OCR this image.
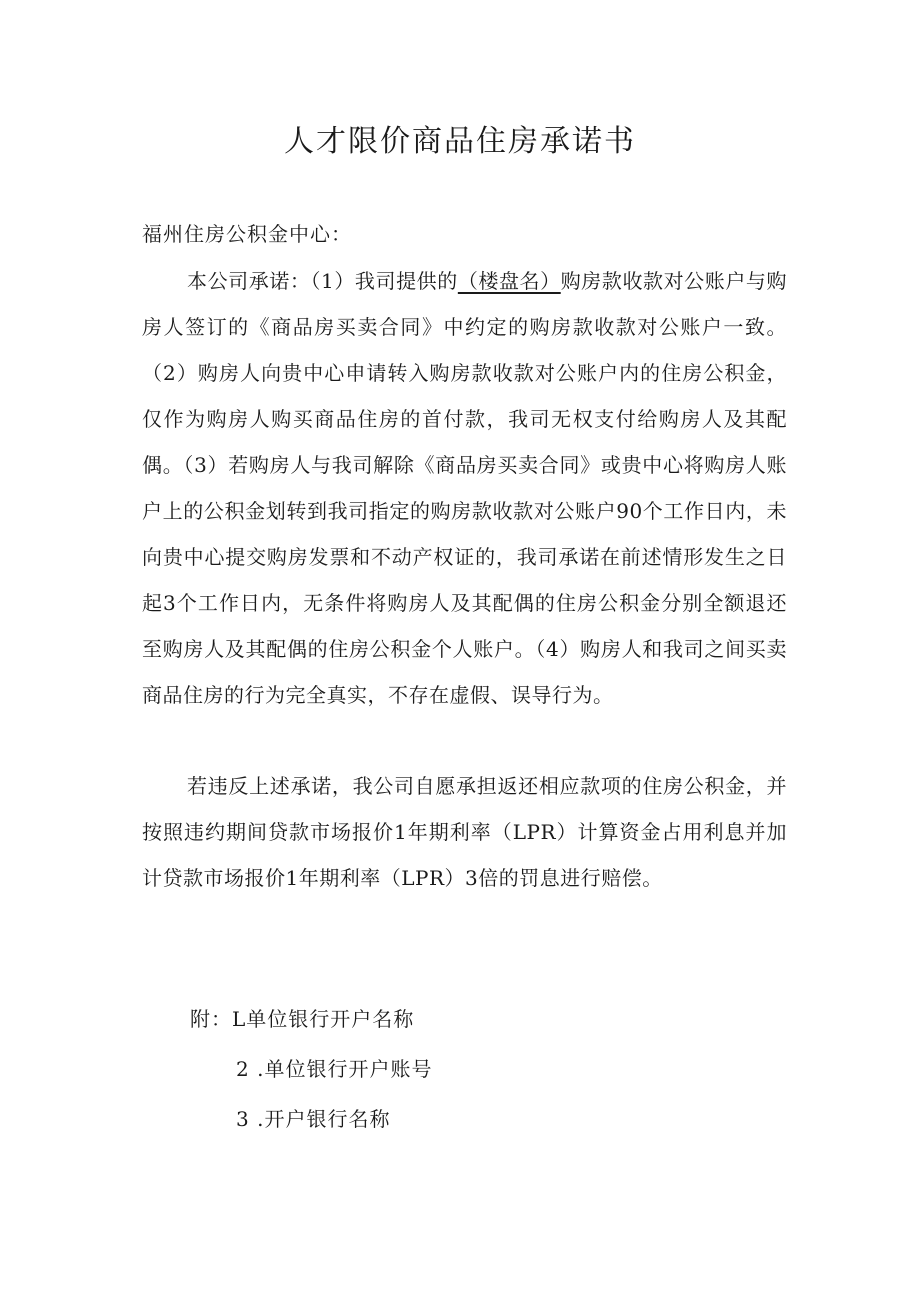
人才限价商品住房承诺书
福州住房公积金中心：

本公司承诺：（1）我司提供的（楼盘名）购房款收款对公账户与购房人签订的《商品房买卖合同》中约定的购房款收款对公账户一致。（2）购房人向贵中心申请转入购房款收款对公账户内的住房公积金，仅作为购房人购买商品住房的首付款，我司无权支付给购房人及其配偶。（3）若购房人与我司解除《商品房买卖合同》或贵中心将购房人账户上的公积金划转到我司指定的购房款收款对公账户90个工作日内，未向贵中心提交购房发票和不动产权证的，我司承诺在前述情形发生之日起3个工作日内，无条件将购房人及其配偶的住房公积金分别全额退还至购房人及其配偶的住房公积金个人账户。（4）购房人和我司之间买卖商品住房的行为完全真实，不存在虚假、误导行为。

若违反上述承诺，我公司自愿承担返还相应款项的住房公积金，并按照违约期间贷款市场报价1年期利率（LPR）计算资金占用利息并加计贷款市场报价1年期利率（LPR）3倍的罚息进行赔偿。

附：L单位银行开户名称
2 .单位银行开户账号
3 .开户银行名称
